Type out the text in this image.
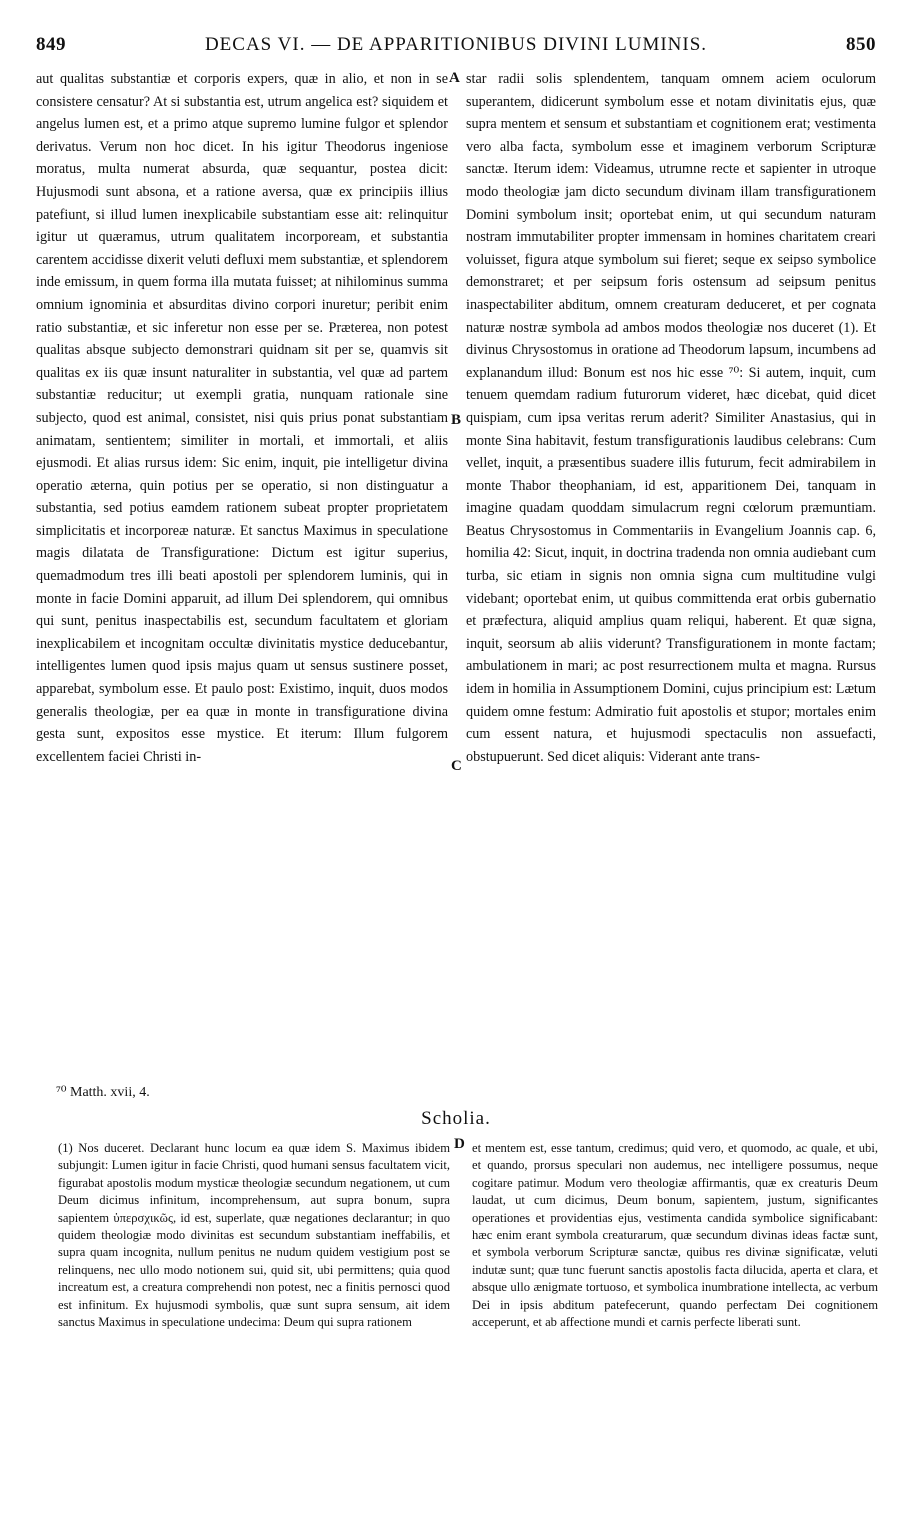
849	DECAS VI. — DE APPARITIONIBUS DIVINI LUMINIS.	850

aut qualitas substantiæ et corporis expers, quæ in alio, et non in se consistere censatur? At si substantia est, utrum angelica est? siquidem et angelus lumen est, et a primo atque supremo lumine fulgor et splendor derivatus. Verum non hoc dicet. In his igitur Theodorus ingeniose moratus, multa numerat absurda, quæ sequantur, postea dicit: Hujusmodi sunt absona, et a ratione aversa, quæ ex principiis illius patefiunt, si illud lumen inexplicabile substantiam esse ait: relinquitur igitur ut quæramus, utrum qualitatem incorpoream, et substantia carentem accidisse dixerit veluti defluxi mem substantiæ, et splendorem inde emissum, in quem forma illa mutata fuisset; at nihilominus summa omnium ignominia et absurditas divino corpori inuretur; peribit enim ratio substantiæ, et sic inferetur non esse per se. Præterea, non potest qualitas absque subjecto demonstrari quidnam sit per se, quamvis sit qualitas ex iis quæ insunt naturaliter in substantia, vel quæ ad partem substantiæ reducitur; ut exempli gratia, nunquam rationale sine subjecto, quod est animal, consistet, nisi quis prius ponat substantiam animatam, sentientem; similiter in mortali, et immortali, et aliis ejusmodi. Et alias rursus idem: Sic enim, inquit, pie intelligetur divina operatio æterna, quin potius per se operatio, si non distinguatur a substantia, sed potius eamdem rationem subeat propter proprietatem simplicitatis et incorporeæ naturæ. Et sanctus Maximus in speculatione magis dilatata de Transfiguratione: Dictum est igitur superius, quemadmodum tres illi beati apostoli per splendorem luminis, qui in monte in facie Domini apparuit, ad illum Dei splendorem, qui omnibus qui sunt, penitus inaspectabilis est, secundum facultatem et gloriam inexplicabilem et incognitam occultæ divinitatis mystice deducebantur, intelligentes lumen quod ipsis majus quam ut sensus sustinere posset, apparebat, symbolum esse. Et paulo post: Existimo, inquit, duos modos generalis theologiæ, per ea quæ in monte in transfiguratione divina gesta sunt, expositos esse mystice. Et iterum: Illum fulgorem excellentem faciei Christi in-

A
B
C
D

star radii solis splendentem, tanquam omnem aciem oculorum superantem, didicerunt symbolum esse et notam divinitatis ejus, quæ supra mentem et sensum et substantiam et cognitionem erat; vestimenta vero alba facta, symbolum esse et imaginem verborum Scripturæ sanctæ. Iterum idem: Videamus, utrumne recte et sapienter in utroque modo theologiæ jam dicto secundum divinam illam transfigurationem Domini symbolum insit; oportebat enim, ut qui secundum naturam nostram immutabiliter propter immensam in homines charitatem creari voluisset, figura atque symbolum sui fieret; seque ex seipso symbolice demonstraret; et per seipsum foris ostensum ad seipsum penitus inaspectabiliter abditum, omnem creaturam deduceret, et per cognata naturæ nostræ symbola ad ambos modos theologiæ nos duceret (1). Et divinus Chrysostomus in oratione ad Theodorum lapsum, incumbens ad explanandum illud: Bonum est nos hic esse ⁷⁰: Si autem, inquit, cum tenuem quemdam radium futurorum videret, hæc dicebat, quid dicet quispiam, cum ipsa veritas rerum aderit? Similiter Anastasius, qui in monte Sina habitavit, festum transfigurationis laudibus celebrans: Cum vellet, inquit, a præsentibus suadere illis futurum, fecit admirabilem in monte Thabor theophaniam, id est, apparitionem Dei, tanquam in imagine quadam quoddam simulacrum regni cœlorum præmuntiam. Beatus Chrysostomus in Commentariis in Evangelium Joannis cap. 6, homilia 42: Sicut, inquit, in doctrina tradenda non omnia audiebant cum turba, sic etiam in signis non omnia signa cum multitudine vulgi videbant; oportebat enim, ut quibus committenda erat orbis gubernatio et præfectura, aliquid amplius quam reliqui, haberent. Et quæ signa, inquit, seorsum ab aliis viderunt? Transfigurationem in monte factam; ambulationem in mari; ac post resurrectionem multa et magna. Rursus idem in homilia in Assumptionem Domini, cujus principium est: Lætum quidem omne festum: Admiratio fuit apostolis et stupor; mortales enim cum essent natura, et hujusmodi spectaculis non assuefacti, obstupuerunt. Sed dicet aliquis: Viderant ante trans-

⁷⁰ Matth. xvii, 4.
Scholia.

(1) Nos duceret. Declarant hunc locum ea quæ idem S. Maximus ibidem subjungit: Lumen igitur in facie Christi, quod humani sensus facultatem vicit, figurabat apostolis modum mysticæ theologiæ secundum negationem, ut cum Deum dicimus infinitum, incomprehensum, aut supra bonum, supra sapientem ὑπερσχικῶς, id est, superlate, quæ negationes declarantur; in quo quidem theologiæ modo divinitas est secundum substantiam ineffabilis, et supra quam incognita, nullum penitus ne nudum quidem vestigium post se relinquens, nec ullo modo notionem sui, quid sit, ubi permittens; quia quod increatum est, a creatura comprehendi non potest, nec a finitis pernosci quod est infinitum. Ex hujusmodi symbolis, quæ sunt supra sensum, ait idem sanctus Maximus in speculatione undecima: Deum qui supra rationem

et mentem est, esse tantum, credimus; quid vero, et quomodo, ac quale, et ubi, et quando, prorsus speculari non audemus, nec intelligere possumus, neque cogitare patimur. Modum vero theologiæ affirmantis, quæ ex creaturis Deum laudat, ut cum dicimus, Deum bonum, sapientem, justum, significantes operationes et providentias ejus, vestimenta candida symbolice significabant: hæc enim erant symbola creaturarum, quæ secundum divinas ideas factæ sunt, et symbola verborum Scripturæ sanctæ, quibus res divinæ significatæ, veluti indutæ sunt; quæ tunc fuerunt sanctis apostolis facta dilucida, aperta et clara, et absque ullo ænigmate tortuoso, et symbolica inumbratione intellecta, ac verbum Dei in ipsis abditum patefecerunt, quando perfectam Dei cognitionem acceperunt, et ab affectione mundi et carnis perfecte liberati sunt.
